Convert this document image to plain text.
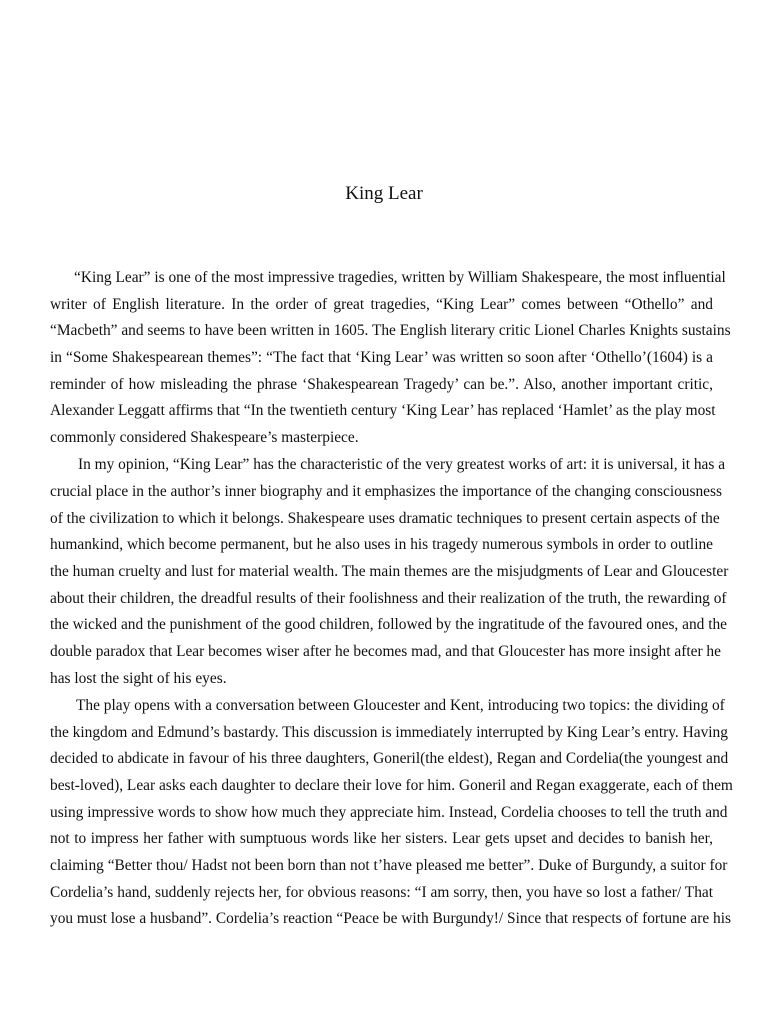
King Lear
“King Lear” is one of the most impressive tragedies, written by William Shakespeare, the most influential
writer of English literature. In the order of great tragedies, “King Lear” comes between “Othello” and
“Macbeth” and seems to have been written in 1605. The English literary critic Lionel Charles Knights sustains
in “Some Shakespearean themes”: “The fact that ‘King Lear’ was written so soon after ‘Othello’(1604) is a
reminder of how misleading the phrase ‘Shakespearean Tragedy’ can be.”. Also, another important critic,
Alexander Leggatt affirms that “In the twentieth century ‘King Lear’ has replaced ‘Hamlet’ as the play most
commonly considered Shakespeare’s masterpiece.
In my opinion, “King Lear” has the characteristic of the very greatest works of art: it is universal, it has a
crucial place in the author’s inner biography and it emphasizes the importance of the changing consciousness
of the civilization to which it belongs. Shakespeare uses dramatic techniques to present certain aspects of the
humankind, which become permanent, but he also uses in his tragedy numerous symbols in order to outline
the human cruelty and lust for material wealth. The main themes are the misjudgments of Lear and Gloucester
about their children, the dreadful results of their foolishness and their realization of the truth, the rewarding of
the wicked and the punishment of the good children, followed by the ingratitude of the favoured ones, and the
double paradox that Lear becomes wiser after he becomes mad, and that Gloucester has more insight after he
has lost the sight of his eyes.
The play opens with a conversation between Gloucester and Kent, introducing two topics: the dividing of
the kingdom and Edmund’s bastardy. This discussion is immediately interrupted by King Lear’s entry. Having
decided to abdicate in favour of his three daughters, Goneril(the eldest), Regan and Cordelia(the youngest and
best-loved), Lear asks each daughter to declare their love for him. Goneril and Regan exaggerate, each of them
using impressive words to show how much they appreciate him. Instead, Cordelia chooses to tell the truth and
not to impress her father with sumptuous words like her sisters. Lear gets upset and decides to banish her,
claiming “Better thou/ Hadst not been born than not t’have pleased me better”. Duke of Burgundy, a suitor for
Cordelia’s hand, suddenly rejects her, for obvious reasons: “I am sorry, then, you have so lost a father/ That
you must lose a husband”. Cordelia’s reaction “Peace be with Burgundy!/ Since that respects of fortune are his
